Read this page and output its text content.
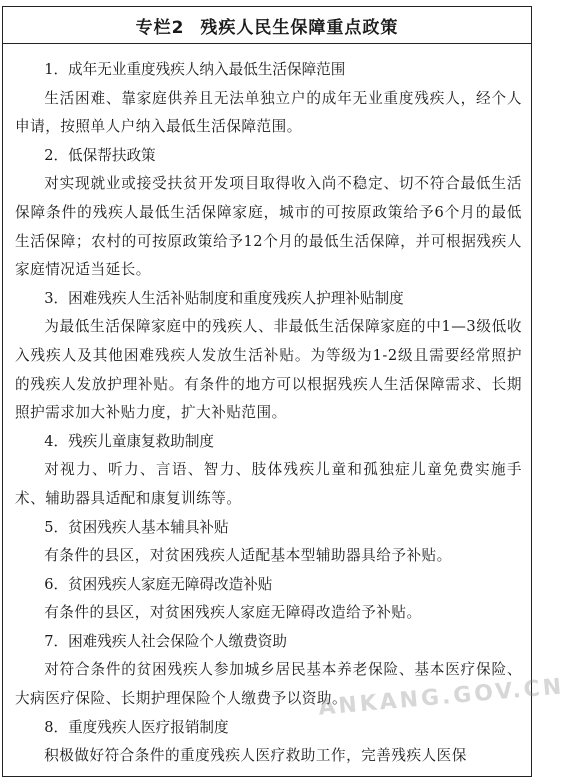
专栏2 残疾人民生保障重点政策

1．成年无业重度残疾人纳入最低生活保障范围

生活困难、靠家庭供养且无法单独立户的成年无业重度残疾人，经个人申请，按照单人户纳入最低生活保障范围。

2．低保帮扶政策

对实现就业或接受扶贫开发项目取得收入尚不稳定、切不符合最低生活保障条件的残疾人最低生活保障家庭，城市的可按原政策给予6个月的最低生活保障；农村的可按原政策给予12个月的最低生活保障，并可根据残疾人家庭情况适当延长。

3．困难残疾人生活补贴制度和重度残疾人护理补贴制度

为最低生活保障家庭中的残疾人、非最低生活保障家庭的中1—3级低收入残疾人及其他困难残疾人发放生活补贴。为等级为1-2级且需要经常照护的残疾人发放护理补贴。有条件的地方可以根据残疾人生活保障需求、长期照护需求加大补贴力度，扩大补贴范围。

4．残疾儿童康复救助制度

对视力、听力、言语、智力、肢体残疾儿童和孤独症儿童免费实施手术、辅助器具适配和康复训练等。

5．贫困残疾人基本辅具补贴

有条件的县区，对贫困残疾人适配基本型辅助器具给予补贴。

6．贫困残疾人家庭无障碍改造补贴

有条件的县区，对贫困残疾人家庭无障碍改造给予补贴。

7．困难残疾人社会保险个人缴费资助

对符合条件的贫困残疾人参加城乡居民基本养老保险、基本医疗保险、大病医疗保险、长期护理保险个人缴费予以资助。

8．重度残疾人医疗报销制度

积极做好符合条件的重度残疾人医疗救助工作，完善残疾人医保

ANKANG.GOV.CN
